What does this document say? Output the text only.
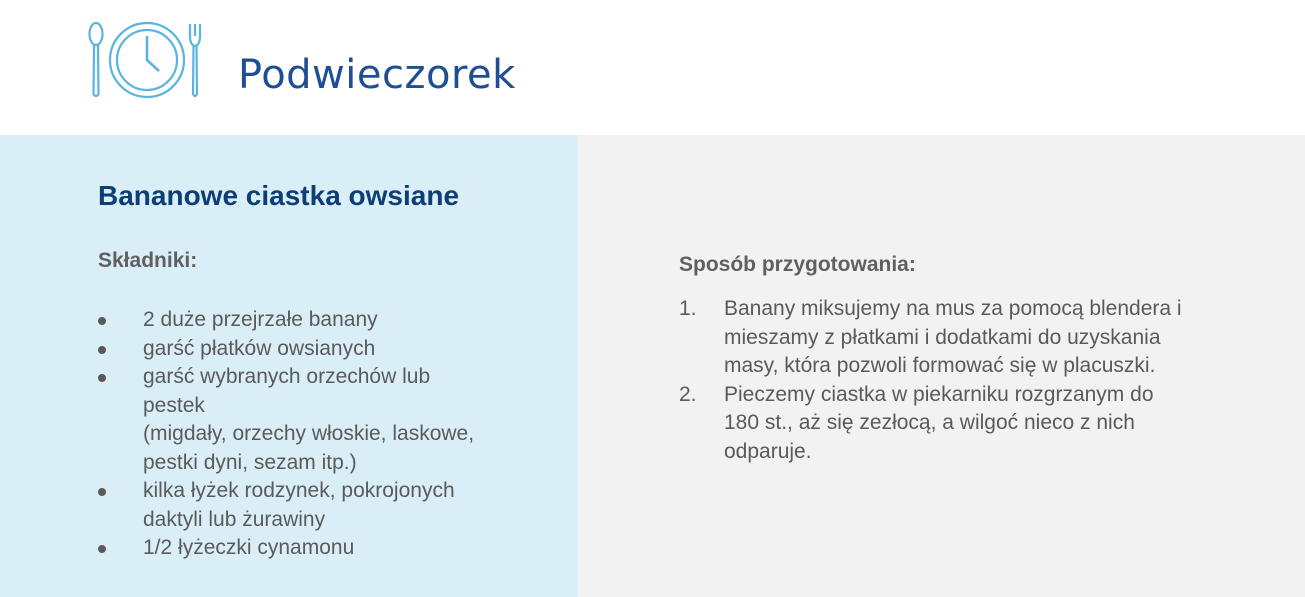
Podwieczorek
Bananowe ciastka owsiane
Składniki:
2 duże przejrzałe banany
garść płatków owsianych
garść wybranych orzechów lub
pestek
(migdały, orzechy włoskie, laskowe,
pestki dyni, sezam itp.)
kilka łyżek rodzynek, pokrojonych
daktyli lub żurawiny
1/2 łyżeczki cynamonu
Sposób przygotowania:
1. Banany miksujemy na mus za pomocą blendera i
mieszamy z płatkami i dodatkami do uzyskania
masy, która pozwoli formować się w placuszki.
2. Pieczemy ciastka w piekarniku rozgrzanym do
180 st., aż się zezłocą, a wilgoć nieco z nich
odparuje.
